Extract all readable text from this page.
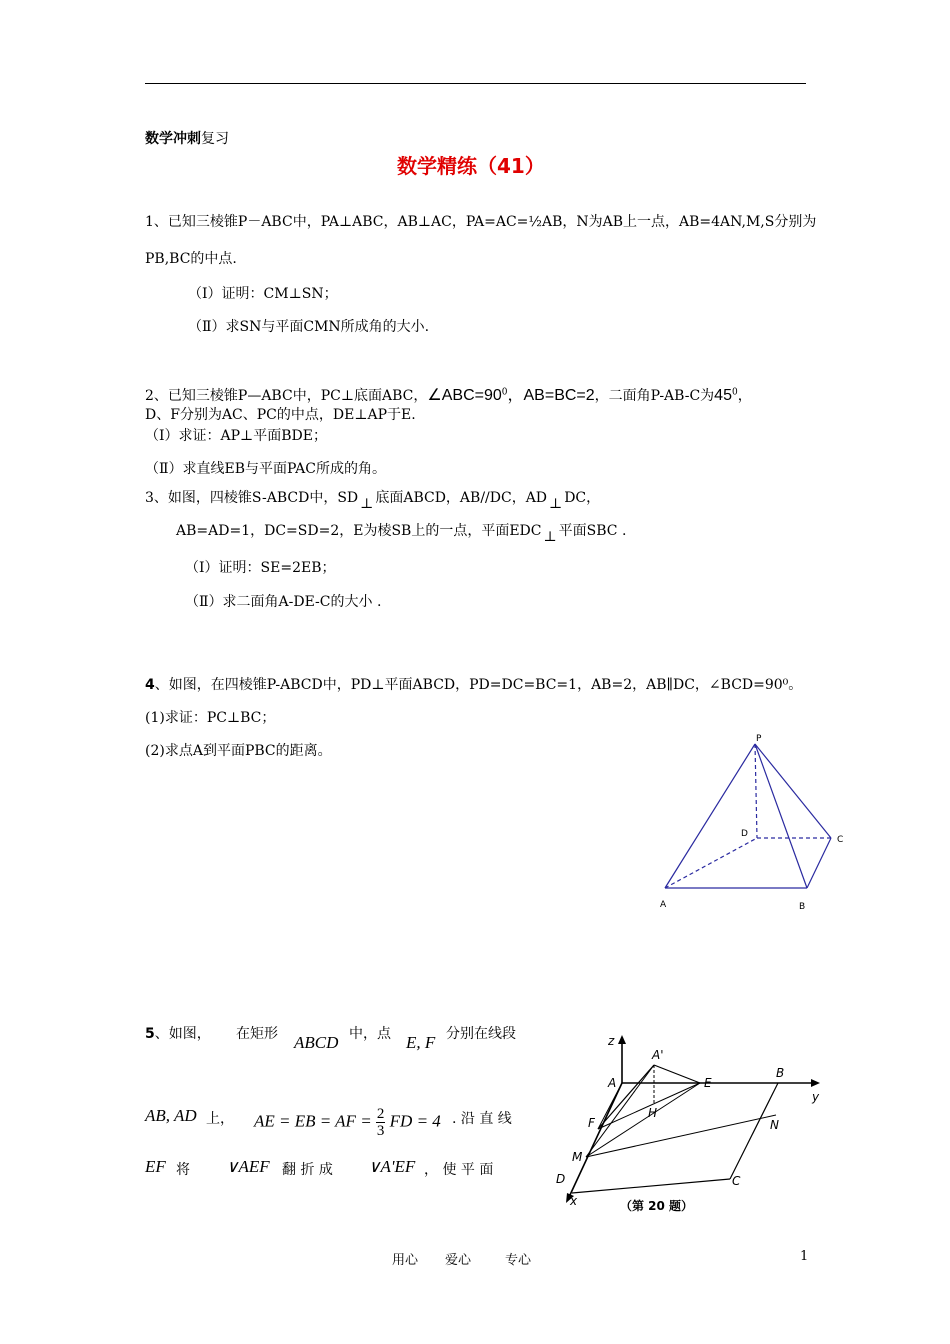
数学冲刺复习
数学精练（41）
1、已知三棱锥P－ABC中，PA⊥ABC，AB⊥AC，PA=AC=½AB，N为AB上一点，AB=4AN,M,S分别为
PB,BC的中点.
（Ⅰ）证明：CM⊥SN；
（Ⅱ）求SN与平面CMN所成角的大小.
2、已知三棱锥P—ABC中，PC⊥底面ABC，$\angle ABC=90^0$，AB=BC=2，二面角P-AB-C为$45^0$，
D、F分别为AC、PC的中点，DE⊥AP于E.
（Ⅰ）求证：AP⊥平面BDE；
（Ⅱ）求直线EB与平面PAC所成的角。
3、如图，四棱锥S-ABCD中，SD ⊥ 底面ABCD，AB//DC，AD ⊥ DC，
AB=AD=1，DC=SD=2，E为棱SB上的一点，平面EDC ⊥ 平面SBC .
（Ⅰ）证明：SE=2EB；
（Ⅱ）求二面角A-DE-C的大小 .
4、如图，在四棱锥P-ABCD中，PD⊥平面ABCD，PD=DC=BC=1，AB=2，AB∥DC，∠BCD=90⁰。
(1)求证：PC⊥BC；
(2)求点A到平面PBC的距离。
P
D
C
A	B
5、如图， 在矩形 ABCD 中，点 E, F 分别在线段
AB, AD 上， AE = EB = AF = $\frac{2}{3}$ FD = 4 . 沿 直 线
EF 将 ∨AEF 翻 折 成 ∨A'EF ， 使 平 面
z
A'
A	E
B
y
H
F	N
M
D	C
x	（第 20 题）
用心 爱心	专心	1
